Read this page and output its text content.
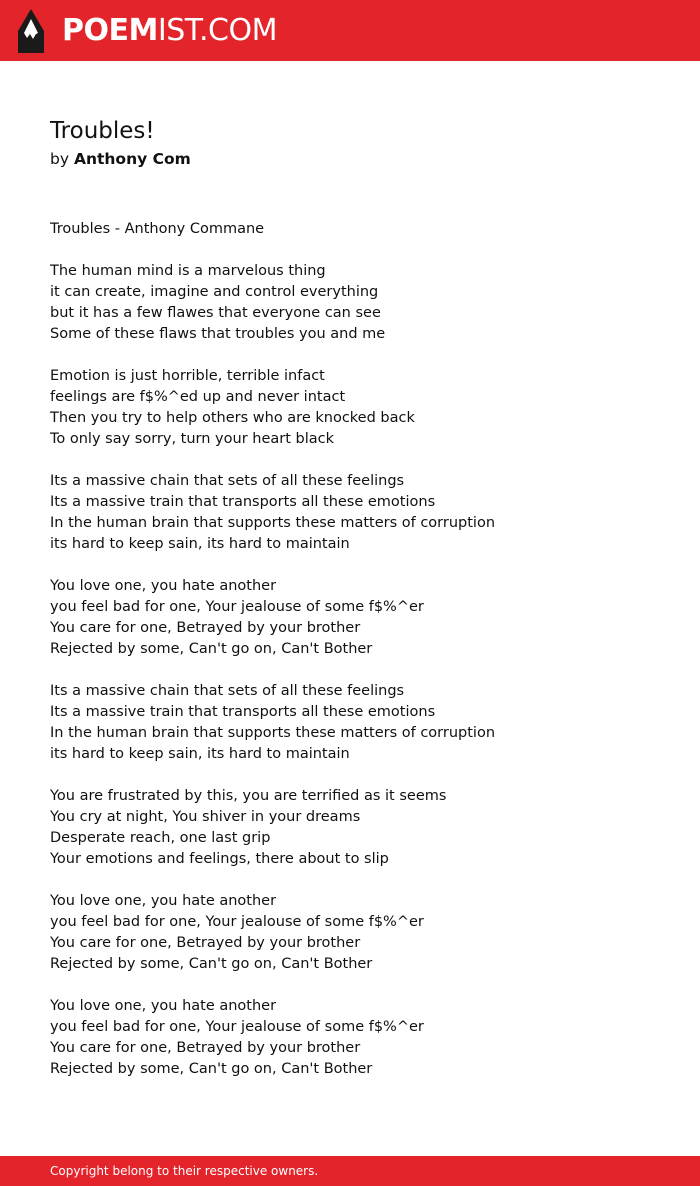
POEMIST.COM
Troubles!
by Anthony Com
Troubles - Anthony Commane
The human mind is a marvelous thing
it can create, imagine and control everything
but it has a few flawes that everyone can see
Some of these flaws that troubles you and me
Emotion is just horrible, terrible infact
feelings are f$%^ed up and never intact
Then you try to help others who are knocked back
To only say sorry, turn your heart black
Its a massive chain that sets of all these feelings
Its a massive train that transports all these emotions
In the human brain that supports these matters of corruption
its hard to keep sain, its hard to maintain
You love one, you hate another
you feel bad for one, Your jealouse of some f$%^er
You care for one, Betrayed by your brother
Rejected by some, Can't go on, Can't Bother
Its a massive chain that sets of all these feelings
Its a massive train that transports all these emotions
In the human brain that supports these matters of corruption
its hard to keep sain, its hard to maintain
You are frustrated by this, you are terrified as it seems
You cry at night, You shiver in your dreams
Desperate reach, one last grip
Your emotions and feelings, there about to slip
You love one, you hate another
you feel bad for one, Your jealouse of some f$%^er
You care for one, Betrayed by your brother
Rejected by some, Can't go on, Can't Bother
You love one, you hate another
you feel bad for one, Your jealouse of some f$%^er
You care for one, Betrayed by your brother
Rejected by some, Can't go on, Can't Bother
Copyright belong to their respective owners.
